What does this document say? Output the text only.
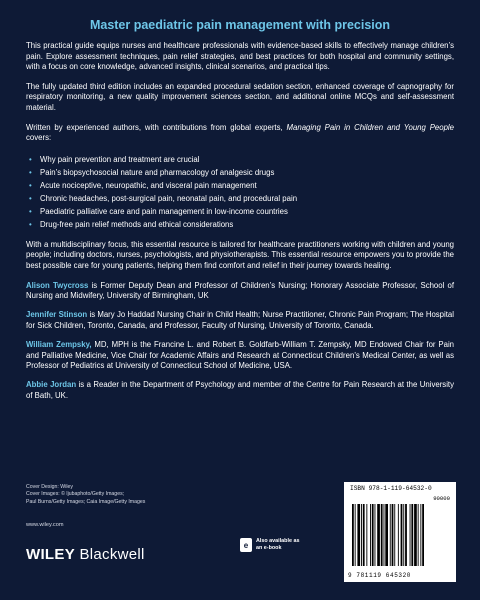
Master paediatric pain management with precision

This practical guide equips nurses and healthcare professionals with evidence-based skills to effectively manage children’s pain. Explore assessment techniques, pain relief strategies, and best practices for both hospital and community settings, with a focus on core knowledge, advanced insights, clinical scenarios, and practical tips.

The fully updated third edition includes an expanded procedural sedation section, enhanced coverage of capnography for respiratory monitoring, a new quality improvement sciences section, and additional online MCQs and self-assessment material.

Written by experienced authors, with contributions from global experts, Managing Pain in Children and Young People covers:

• Why pain prevention and treatment are crucial
• Pain’s biopsychosocial nature and pharmacology of analgesic drugs
• Acute nociceptive, neuropathic, and visceral pain management
• Chronic headaches, post-surgical pain, neonatal pain, and procedural pain
• Paediatric palliative care and pain management in low-income countries
• Drug-free pain relief methods and ethical considerations

With a multidisciplinary focus, this essential resource is tailored for healthcare practitioners working with children and young people; including doctors, nurses, psychologists, and physiotherapists. This essential resource empowers you to provide the best possible care for young patients, helping them find comfort and relief in their journey towards healing.

Alison Twycross is Former Deputy Dean and Professor of Children’s Nursing; Honorary Associate Professor, School of Nursing and Midwifery, University of Birmingham, UK
Jennifer Stinson is Mary Jo Haddad Nursing Chair in Child Health; Nurse Practitioner, Chronic Pain Program; The Hospital for Sick Children, Toronto, Canada, and Professor, Faculty of Nursing, University of Toronto, Canada.
William Zempsky, MD, MPH is the Francine L. and Robert B. Goldfarb-William T. Zempsky, MD Endowed Chair for Pain and Palliative Medicine, Vice Chair for Academic Affairs and Research at Connecticut Children’s Medical Center, as well as Professor of Pediatrics at University of Connecticut School of Medicine, USA.
Abbie Jordan is a Reader in the Department of Psychology and member of the Centre for Pain Research at the University of Bath, UK.
Cover Design: Wiley
Cover Images: © ljubaphoto/Getty Images;
Paul Burns/Getty Images; Caia Image/Getty Images
www.wiley.com
WILEY Blackwell
e	Also available as an e-book
ISBN 978-1-119-64532-0
90000
9 781119 645320
